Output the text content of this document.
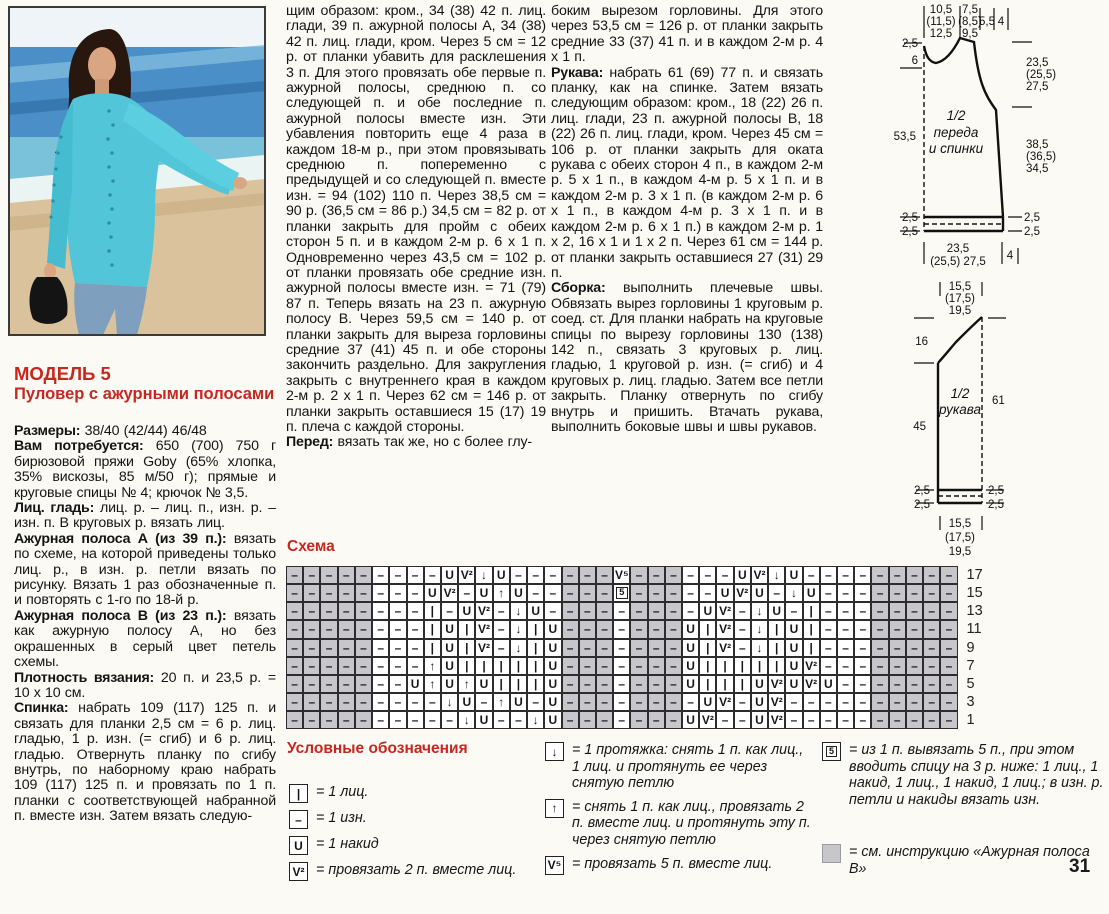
МОДЕЛЬ 5
Пуловер с ажурными полосами

Размеры: 38/40 (42/44) 46/48

Вам потребуется: 650 (700) 750 г бирюзовой пряжи Goby (65% хлопка, 35% вискозы, 85 м/50 г); прямые и круговые спицы № 4; крючок № 3,5.

Лиц. гладь: лиц. р. – лиц. п., изн. р. – изн. п. В круговых р. вязать лиц.

Ажурная полоса А (из 39 п.): вязать по схеме, на которой приведены только лиц. р., в изн. р. петли вязать по рисунку. Вязать 1 раз обозначенные п. и повторять с 1-го по 18-й р.

Ажурная полоса В (из 23 п.): вязать как ажурную полосу А, но без окрашенных в серый цвет петель схемы.

Плотность вязания: 20 п. и 23,5 р. = 10 x 10 см.

Спинка: набрать 109 (117) 125 п. и связать для планки 2,5 см = 6 р. лиц. гладью, 1 р. изн. (= сгиб) и 6 р. лиц. гладью. Отвернуть планку по сгибу внутрь, по наборному краю набрать 109 (117) 125 п. и провязать по 1 п. планки с соответствующей набранной п. вместе изн. Затем вязать следую-

щим образом: кром., 34 (38) 42 п. лиц. глади, 39 п. ажурной полосы А, 34 (38) 42 п. лиц. глади, кром. Через 5 см = 12 р. от планки убавить для расклешения 3 п. Для этого провязать обе первые п. ажурной полосы, среднюю п. со следующей п. и обе последние п. ажурной полосы вместе изн. Эти убавления повторить еще 4 раза в каждом 18-м р., при этом провязывать среднюю п. попеременно с предыдущей и со следующей п. вместе изн. = 94 (102) 110 п. Через 38,5 см = 90 р. (36,5 см = 86 р.) 34,5 см = 82 р. от планки закрыть для пройм с обеих сторон 5 п. и в каждом 2-м р. 6 x 1 п. Одновременно через 43,5 см = 102 р. от планки провязать обе средние изн. ажурной полосы вместе изн. = 71 (79) 87 п. Теперь вязать на 23 п. ажурную полосу В. Через 59,5 см = 140 р. от планки закрыть для выреза горловины средние 37 (41) 45 п. и обе стороны закончить раздельно. Для закругления закрыть с внутреннего края в каждом 2-м р. 2 x 1 п. Через 62 см = 146 р. от планки закрыть оставшиеся 15 (17) 19 п. плеча с каждой стороны.

Перед: вязать так же, но с более глу-

боким вырезом горловины. Для этого через 53,5 см = 126 р. от планки закрыть средние 33 (37) 41 п. и в каждом 2-м р. 4 x 1 п.

Рукава: набрать 61 (69) 77 п. и связать планку, как на спинке. Затем вязать следующим образом: кром., 18 (22) 26 п. лиц. глади, 23 п. ажурной полосы В, 18 (22) 26 п. лиц. глади, кром. Через 45 см = 106 р. от планки закрыть для оката рукава с обеих сторон 4 п., в каждом 2-м р. 5 x 1 п., в каждом 4-м р. 5 x 1 п. и в каждом 2-м р. 3 x 1 п. (в каждом 2-м р. 6 x 1 п., в каждом 4-м р. 3 x 1 п. и в каждом 2-м р. 6 x 1 п.) в каждом 2-м р. 1 x 2, 16 x 1 и 1 x 2 п. Через 61 см = 144 р. от планки закрыть оставшиеся 27 (31) 29 п.

Сборка: выполнить плечевые швы. Обвязать вырез горловины 1 круговым р. соед. ст. Для планки набрать на круговые спицы по вырезу горловины 130 (138) 142 п., связать 3 круговых р. лиц. гладью, 1 круговой р. изн. (= сгиб) и 4 круговых р. лиц. гладью. Затем все петли закрыть. Планку отвернуть по сгибу внутрь и пришить. Втачать рукава, выполнить боковые швы и швы рукавов.

10,5
(11,5)
12,5
7,5
(8,5)
9,5
5,5 4
2,5
6
53,5
2,5
2,5
23,5
(25,5)
27,5
38,5
(36,5)
34,5
2,5
2,5
23,5
(25,5) 27,5 4
1/2
переда
и спинки
15,5
(17,5)
19,5
16
45
61
2,5
2,5
2,5
2,5
15,5
(17,5)
19,5
1/2
рукава
Схема
– – – – – – – – – U V² ↓ U – – – – – – V⁵ – – – – – – U V² ↓ U – – – – – – – – – 17
– – – – – – – – U V² – U ↑ U – – – – –	5 – – – – – U V² U – ↓ U – – – – – – – – 15
– – – – – – – –	|	– U V² – ↓ U – – – – – – – – – U V² – ↓ U –	|	– – – – – – – – 13
– – – – – – – –	| U | V² – ↓	| U – – – – – – – U | V² – ↓	| U |	– – – – – – – – 11
– – – – – – – –	| U | V² – ↓	| U – – – – – – – U | V² – ↓	| U |	– – – – – – – – 9
– – – – – – – – ↑ U |	|	|	|	| U – – – – – – – U |	|	|	|	| U V² – – – – – – – – 7
– – – – – – – U ↑ U ↑ U |	|	| U – – – – – – – U |	|	| U V² U V² U – – – – – – – 5
– – – – – – – – – ↓ U – ↑ U – U – – – – – – – – U V² – U V² – – – – – – – – – – 3
– – – – – – – – – – ↓ U – – ↓ U – – – – – – – U V² – – U V² – – – – – – – – – – 1
Условные обозначения
|	= 1 лиц.
– = 1 изн.
U = 1 накид
V² = провязать 2 п. вместе лиц.
↓	= 1 протяжка: снять 1 п. как лиц., 1 лиц. и протянуть ее через снятую петлю
↑	= снять 1 п. как лиц., провязать 2 п. вместе лиц. и протянуть эту п. через снятую петлю
V⁵ = провязать 5 п. вместе лиц.
5 = из 1 п. вывязать 5 п., при этом вводить спицу на 3 р. ниже: 1 лиц., 1 накид, 1 лиц., 1 накид, 1 лиц.; в изн. р. петли и накиды вязать изн.
= см. инструкцию «Ажурная полоса В»	31
